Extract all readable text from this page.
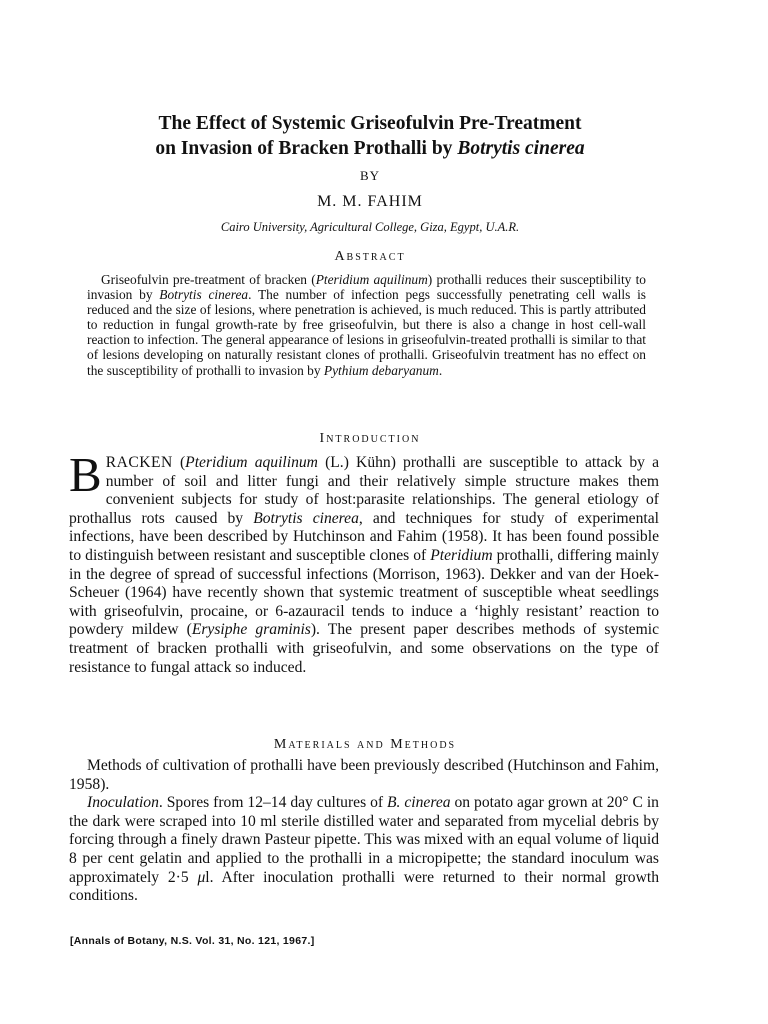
The Effect of Systemic Griseofulvin Pre-Treatment
on Invasion of Bracken Prothalli by Botrytis cinerea
BY
M. M. FAHIM
Cairo University, Agricultural College, Giza, Egypt, U.A.R.
Abstract

Griseofulvin pre-treatment of bracken (Pteridium aquilinum) prothalli reduces their susceptibility to invasion by Botrytis cinerea. The number of infection pegs successfully penetrating cell walls is reduced and the size of lesions, where penetration is achieved, is much reduced. This is partly attributed to reduction in fungal growth-rate by free griseofulvin, but there is also a change in host cell-wall reaction to infection. The general appearance of lesions in griseofulvin-treated prothalli is similar to that of lesions developing on naturally resistant clones of prothalli. Griseofulvin treatment has no effect on the susceptibility of prothalli to invasion by Pythium debaryanum.

Introduction

BRACKEN (Pteridium aquilinum (L.) Kühn) prothalli are susceptible to attack by a number of soil and litter fungi and their relatively simple structure makes them convenient subjects for study of host:parasite relationships. The general etiology of prothallus rots caused by Botrytis cinerea, and techniques for study of experimental infections, have been described by Hutchinson and Fahim (1958). It has been found possible to distinguish between resistant and susceptible clones of Pteridium prothalli, differing mainly in the degree of spread of successful infections (Morrison, 1963). Dekker and van der Hoek-Scheuer (1964) have recently shown that systemic treatment of susceptible wheat seedlings with griseofulvin, procaine, or 6-azauracil tends to induce a ‘highly resistant’ reaction to powdery mildew (Erysiphe graminis). The present paper describes methods of systemic treatment of bracken prothalli with griseofulvin, and some observations on the type of resistance to fungal attack so induced.

Materials and Methods

Methods of cultivation of prothalli have been previously described (Hutchinson and Fahim, 1958).

Inoculation. Spores from 12–14 day cultures of B. cinerea on potato agar grown at 20° C in the dark were scraped into 10 ml sterile distilled water and separated from mycelial debris by forcing through a finely drawn Pasteur pipette. This was mixed with an equal volume of liquid 8 per cent gelatin and applied to the prothalli in a micropipette; the standard inoculum was approximately 2·5 μl. After inoculation prothalli were returned to their normal growth conditions.

[Annals of Botany, N.S. Vol. 31, No. 121, 1967.]
